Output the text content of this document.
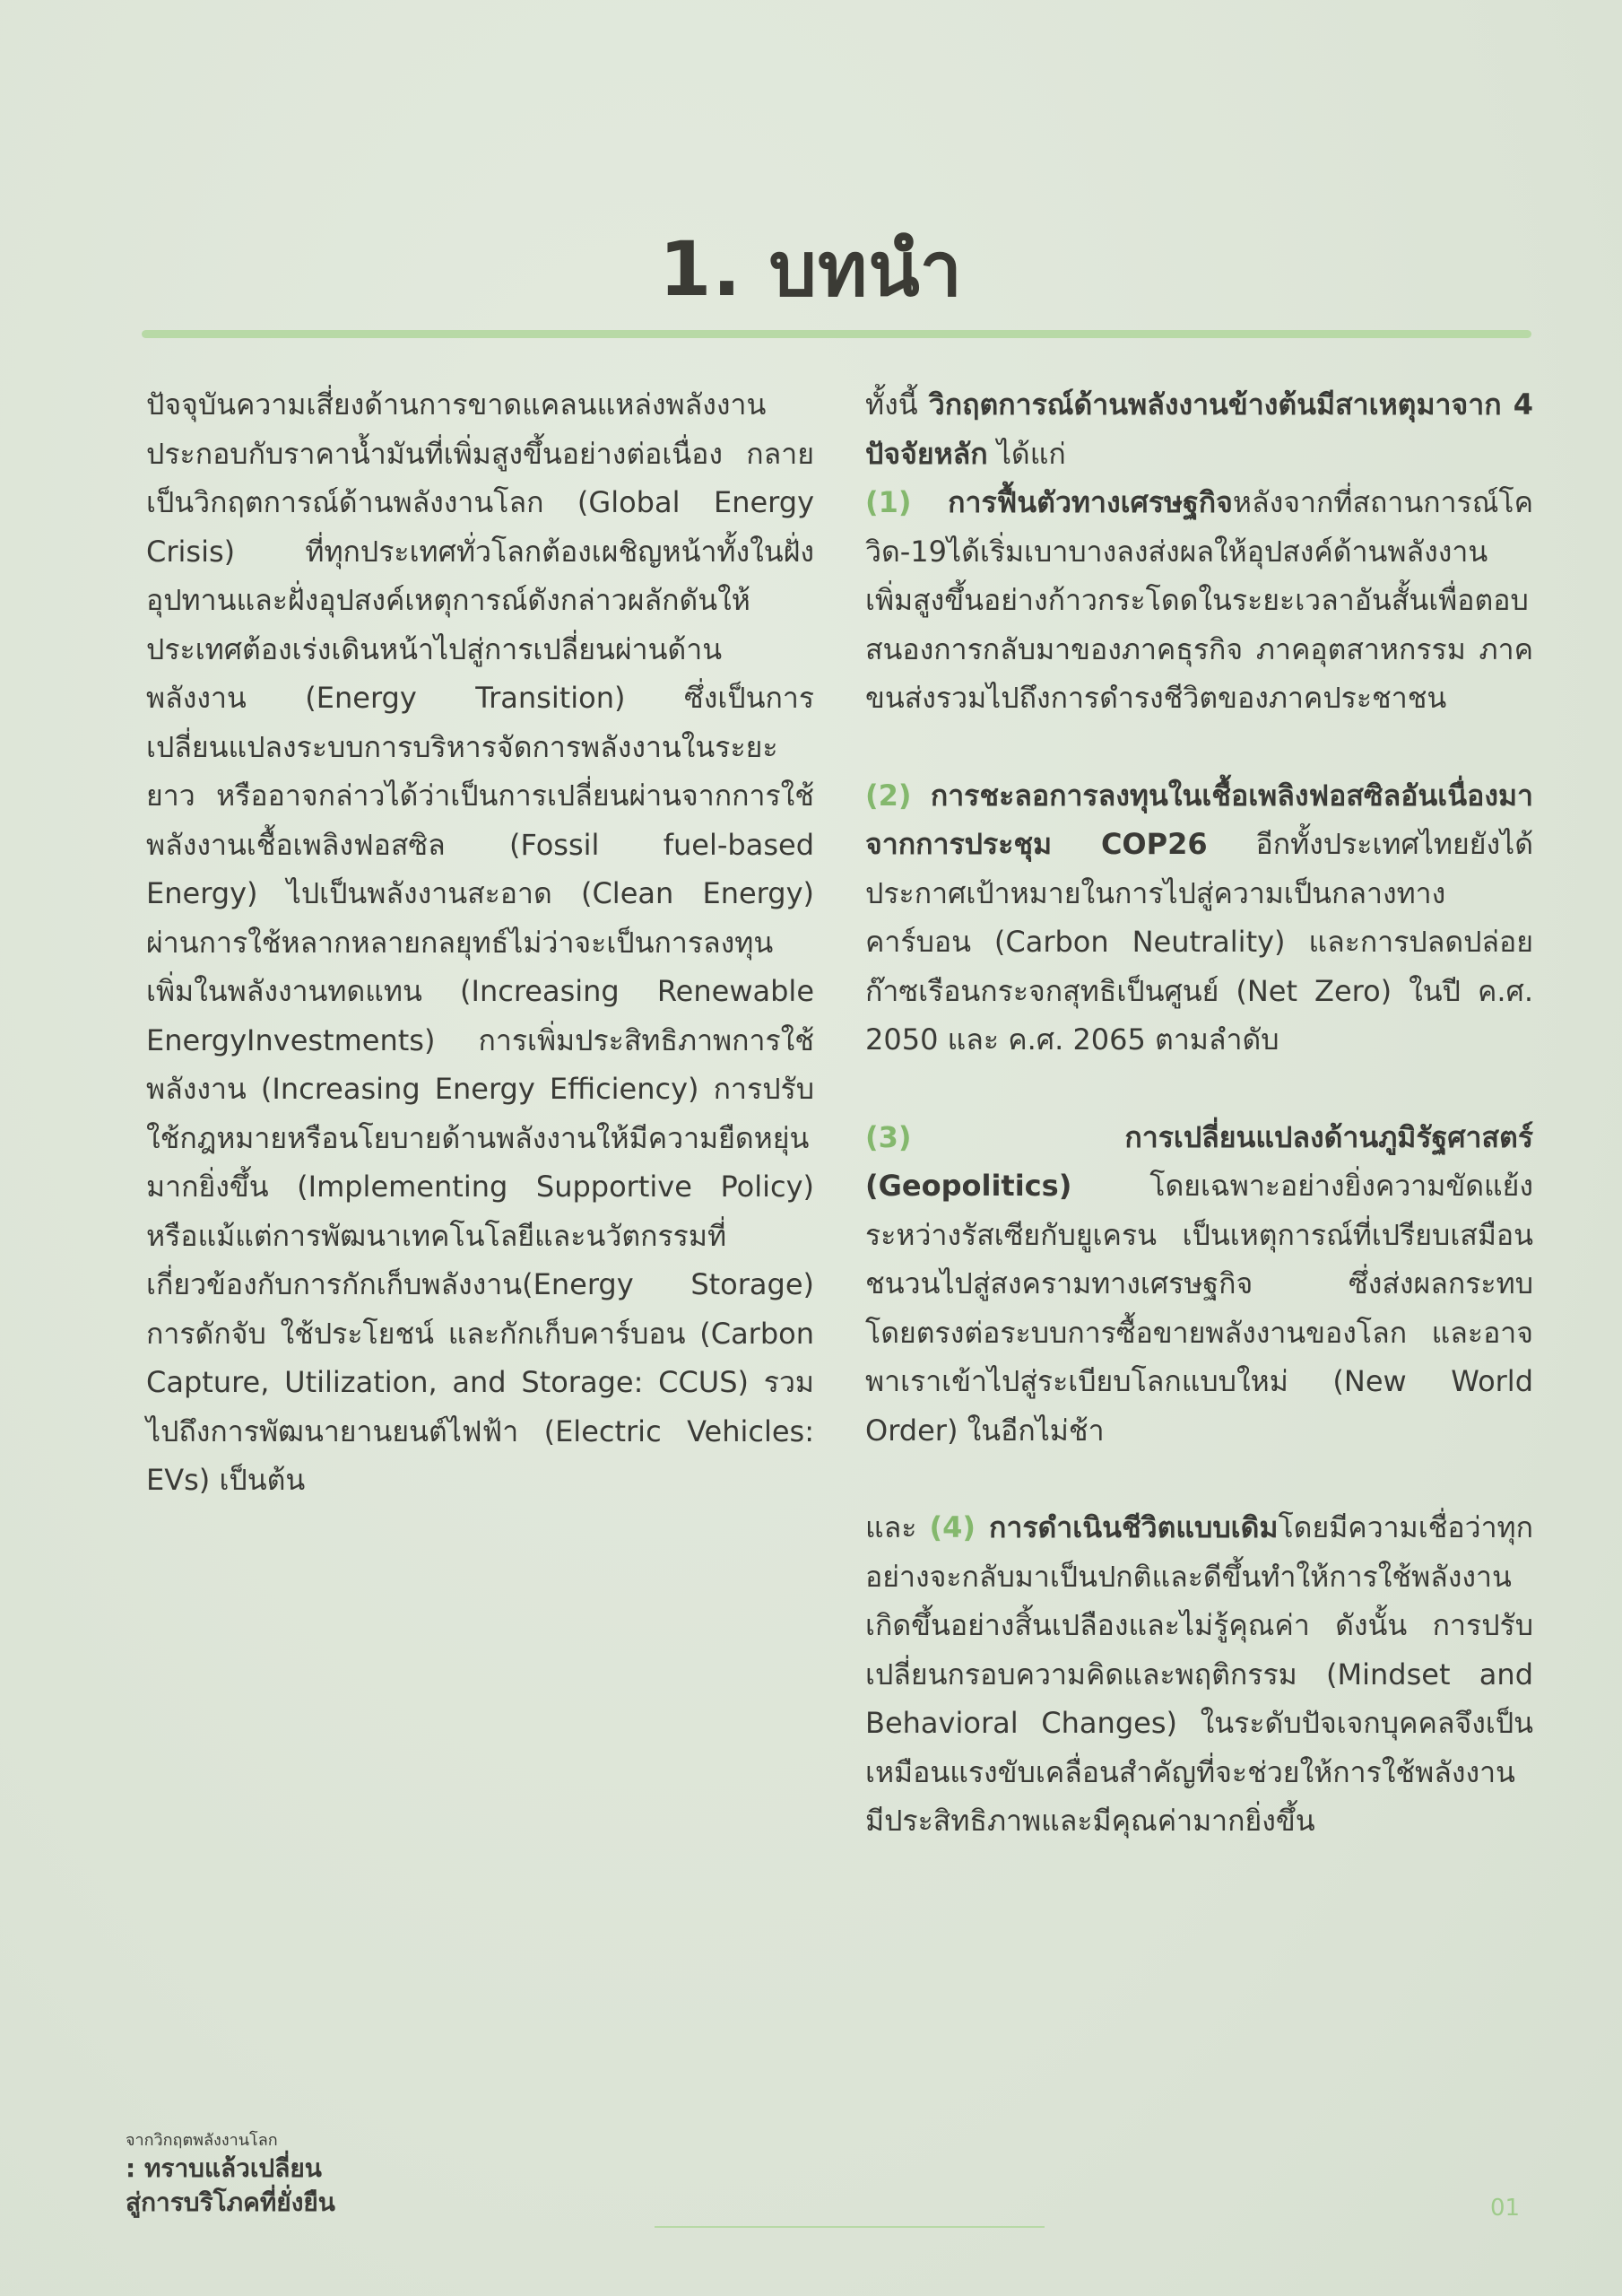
1. บทนำ

ปัจจุบันความเสี่ยงด้านการขาดแคลนแหล่งพลังงานประกอบกับราคาน้ำมันที่เพิ่มสูงขึ้นอย่างต่อเนื่อง กลายเป็นวิกฤตการณ์ด้านพลังงานโลก (Global Energy Crisis) ที่ทุกประเทศทั่วโลกต้องเผชิญหน้าทั้งในฝั่งอุปทานและฝั่งอุปสงค์เหตุการณ์ดังกล่าวผลักดันให้ประเทศต้องเร่งเดินหน้าไปสู่การเปลี่ยนผ่านด้านพลังงาน (Energy Transition) ซึ่งเป็นการเปลี่ยนแปลงระบบการบริหารจัดการพลังงานในระยะยาว หรืออาจกล่าวได้ว่าเป็นการเปลี่ยนผ่านจากการใช้พลังงานเชื้อเพลิงฟอสซิล (Fossil fuel-based Energy) ไปเป็นพลังงานสะอาด (Clean Energy) ผ่านการใช้หลากหลายกลยุทธ์ไม่ว่าจะเป็นการลงทุนเพิ่มในพลังงานทดแทน (Increasing Renewable EnergyInvestments) การเพิ่มประสิทธิภาพการใช้พลังงาน (Increasing Energy Efficiency) การปรับใช้กฎหมายหรือนโยบายด้านพลังงานให้มีความยืดหยุ่นมากยิ่งขึ้น (Implementing Supportive Policy) หรือแม้แต่การพัฒนาเทคโนโลยีและนวัตกรรมที่เกี่ยวข้องกับการกักเก็บพลังงาน(Energy Storage) การดักจับ ใช้ประโยชน์ และกักเก็บคาร์บอน (Carbon Capture, Utilization, and Storage: CCUS) รวมไปถึงการพัฒนายานยนต์ไฟฟ้า (Electric Vehicles: EVs) เป็นต้น

ทั้งนี้ วิกฤตการณ์ด้านพลังงานข้างต้นมีสาเหตุมาจาก 4 ปัจจัยหลัก ได้แก่

(1) การฟื้นตัวทางเศรษฐกิจหลังจากที่สถานการณ์โควิด-19ได้เริ่มเบาบางลงส่งผลให้อุปสงค์ด้านพลังงานเพิ่มสูงขึ้นอย่างก้าวกระโดดในระยะเวลาอันสั้นเพื่อตอบสนองการกลับมาของภาคธุรกิจ ภาคอุตสาหกรรม ภาคขนส่งรวมไปถึงการดำรงชีวิตของภาคประชาชน

(2) การชะลอการลงทุนในเชื้อเพลิงฟอสซิลอันเนื่องมาจากการประชุม COP26 อีกทั้งประเทศไทยยังได้ประกาศเป้าหมายในการไปสู่ความเป็นกลางทางคาร์บอน (Carbon Neutrality) และการปลดปล่อยก๊าซเรือนกระจกสุทธิเป็นศูนย์ (Net Zero) ในปี ค.ศ. 2050 และ ค.ศ. 2065 ตามลำดับ

(3) การเปลี่ยนแปลงด้านภูมิรัฐศาสตร์ (Geopolitics) โดยเฉพาะอย่างยิ่งความขัดแย้งระหว่างรัสเซียกับยูเครน เป็นเหตุการณ์ที่เปรียบเสมือนชนวนไปสู่สงครามทางเศรษฐกิจ ซึ่งส่งผลกระทบโดยตรงต่อระบบการซื้อขายพลังงานของโลก และอาจพาเราเข้าไปสู่ระเบียบโลกแบบใหม่ (New World Order) ในอีกไม่ช้า

และ (4) การดำเนินชีวิตแบบเดิมโดยมีความเชื่อว่าทุกอย่างจะกลับมาเป็นปกติและดีขึ้นทำให้การใช้พลังงานเกิดขึ้นอย่างสิ้นเปลืองและไม่รู้คุณค่า ดังนั้น การปรับเปลี่ยนกรอบความคิดและพฤติกรรม (Mindset and Behavioral Changes) ในระดับปัจเจกบุคคลจึงเป็นเหมือนแรงขับเคลื่อนสำคัญที่จะช่วยให้การใช้พลังงานมีประสิทธิภาพและมีคุณค่ามากยิ่งขึ้น

จากวิกฤตพลังงานโลก
: ทราบแล้วเปลี่ยน
สู่การบริโภคที่ยั่งยืน	01
